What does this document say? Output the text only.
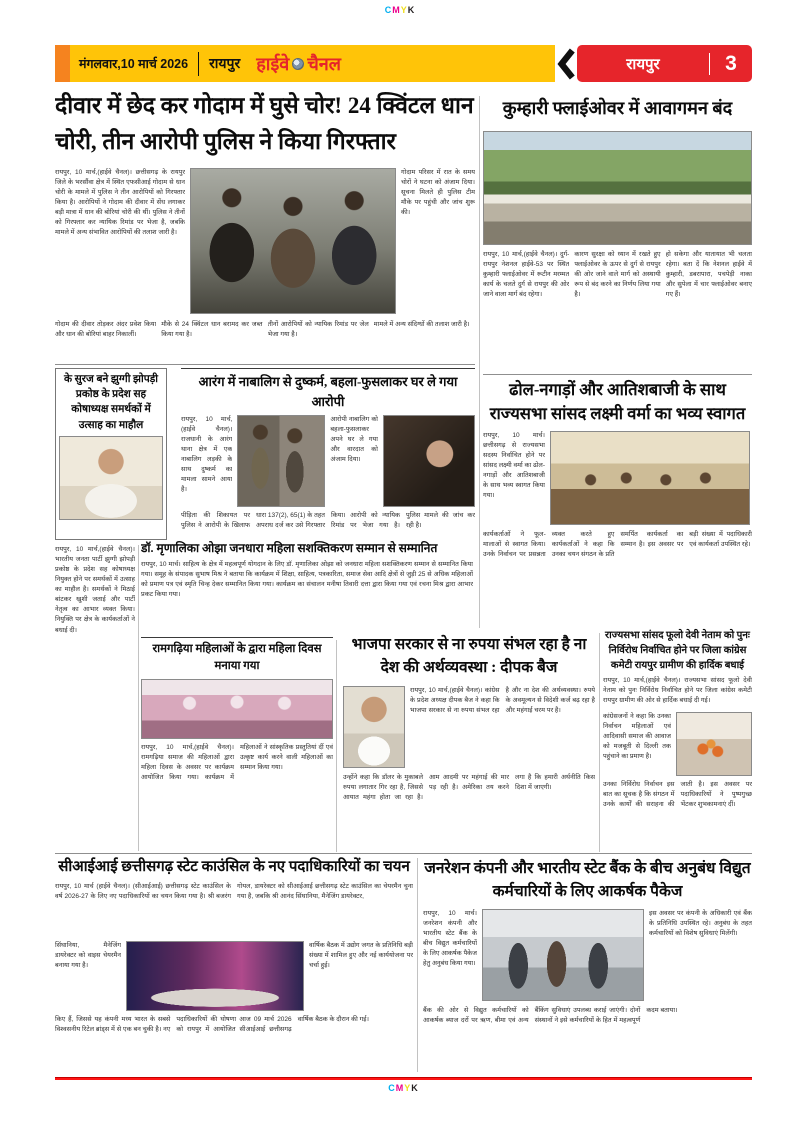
CMYK
मंगलवार,10 मार्च 2026 रायपुर हाईवे चैनल	रायपुर	3
दीवार में छेद कर गोदाम में घुसे चोर! 24 क्विंटल धान चोरी, तीन आरोपी पुलिस ने किया गिरफ्तार
रायपुर, 10 मार्च,(हाईवे चैनल)। छत्तीसगढ़ के रायपुर जिले के भरसौंवा क्षेत्र में स्थित एफसीआई गोदाम से धान चोरी के मामले में पुलिस ने तीन आरोपियों को गिरफ्तार किया है। आरोपियों ने गोदाम की दीवार में सेंध लगाकर बड़ी मात्रा में धान की बोरियां चोरी की थीं। पुलिस ने तीनों को गिरफ्तार कर न्यायिक रिमांड पर भेजा है, जबकि मामले में अन्य संभावित आरोपियों की तलाश जारी है।
गोदाम परिसर में रात के समय चोरों ने घटना को अंजाम दिया। सूचना मिलते ही पुलिस टीम मौके पर पहुंची और जांच शुरू की।
गोदाम की दीवार तोड़कर अंदर प्रवेश किया और धान की बोरियां बाहर निकालीं।
मौके से 24 क्विंटल धान बरामद कर जब्त किया गया है।
तीनों आरोपियों को न्यायिक रिमांड पर जेल भेजा गया है।
मामले में अन्य संदिग्धों की तलाश जारी है।
कुम्हारी फ्लाईओवर में आवागमन बंद
रायपुर, 10 मार्च,(हाईवे चैनल)। दुर्ग-रायपुर नेशनल हाईवे-53 पर स्थित कुम्हारी फ्लाईओवर में रूटीन मरम्मत कार्य के चलते दुर्ग से रायपुर की ओर जाने वाला मार्ग बंद रहेगा।
कारण सुरक्षा को ध्यान में रखते हुए फ्लाईओवर के ऊपर से दुर्ग से रायपुर की ओर जाने वाले मार्ग को अस्थायी रूप से बंद करने का निर्णय लिया गया है।
हो सकेगा और यातायात भी चलता रहेगा। बता दें कि नेशनल हाईवे में कुम्हारी, डबरापारा, पचपेड़ी नाका और सुपेला में चार फ्लाईओवर बनाए गए हैं।
के सुरज बने झुग्गी झोपड़ी प्रकोष्ठ के प्रदेश सह कोषाध्यक्ष समर्थकों में उत्साह का माहौल
रायपुर, 10 मार्च,(हाईवे चैनल)। भारतीय जनता पार्टी झुग्गी झोपड़ी प्रकोष्ठ के प्रदेश सह कोषाध्यक्ष नियुक्त होने पर समर्थकों में उत्साह का माहौल है। समर्थकों ने मिठाई बांटकर खुशी जताई और पार्टी नेतृत्व का आभार व्यक्त किया। नियुक्ति पर क्षेत्र के कार्यकर्ताओं ने बधाई दी।
आरंग में नाबालिग से दुष्कर्म, बहला-फुसलाकर घर ले गया आरोपी
रायपुर, 10 मार्च,(हाईवे चैनल)। राजधानी के आरंग थाना क्षेत्र में एक नाबालिग लड़की के साथ दुष्कर्म का मामला सामने आया है।
आरोपी नाबालिग को बहला-फुसलाकर अपने घर ले गया और वारदात को अंजाम दिया।
पीड़िता की शिकायत पर पुलिस ने आरोपी के खिलाफ धारा 137(2), 65(1) के तहत अपराध दर्ज कर उसे गिरफ्तार किया। आरोपी को न्यायिक रिमांड पर भेजा गया है। पुलिस मामले की जांच कर रही है।
डॉ. मृणालिका ओझा जनधारा महिला सशक्तिकरण सम्मान से सम्मानित
रायपुर, 10 मार्च। साहित्य के क्षेत्र में महत्वपूर्ण योगदान के लिए डॉ. मृणालिका ओझा को जनधारा महिला सशक्तिकरण सम्मान से सम्मानित किया गया। समूह के संपादक सुभाष मिश्र ने बताया कि कार्यक्रम में शिक्षा, साहित्य, पत्रकारिता, समाज सेवा आदि क्षेत्रों से जुड़ी 25 से अधिक महिलाओं को प्रमाण पत्र एवं स्मृति चिन्ह देकर सम्मानित किया गया। कार्यक्रम का संचालन मनीषा तिवारी दत्ता द्वारा किया गया एवं रचना मिश्र द्वारा आभार प्रकट किया गया।
ढोल-नगाड़ों और आतिशबाजी के साथ राज्यसभा सांसद लक्ष्मी वर्मा का भव्य स्वागत
रायपुर, 10 मार्च। छत्तीसगढ़ से राज्यसभा सदस्य निर्वाचित होने पर सांसद लक्ष्मी वर्मा का ढोल-नगाड़ों और आतिशबाजी के साथ भव्य स्वागत किया गया।
कार्यकर्ताओं ने फूल-मालाओं से स्वागत किया। उनके निर्वाचन पर प्रसन्नता व्यक्त करते हुए कार्यकर्ताओं ने कहा कि उनका चयन संगठन के प्रति समर्पित कार्यकर्ता का सम्मान है। इस अवसर पर बड़ी संख्या में पदाधिकारी एवं कार्यकर्ता उपस्थित रहे।
रामगढ़िया महिलाओं के द्वारा महिला दिवस मनाया गया
रायपुर, 10 मार्च,(हाईवे चैनल)। रामगढ़िया समाज की महिलाओं द्वारा महिला दिवस के अवसर पर कार्यक्रम आयोजित किया गया। कार्यक्रम में महिलाओं ने सांस्कृतिक प्रस्तुतियां दीं एवं उत्कृष्ट कार्य करने वाली महिलाओं का सम्मान किया गया।
भाजपा सरकार से ना रुपया संभल रहा है ना देश की अर्थव्यवस्था : दीपक बैज
रायपुर, 10 मार्च,(हाईवे चैनल)। कांग्रेस के प्रदेश अध्यक्ष दीपक बैज ने कहा कि भाजपा सरकार से ना रुपया संभल रहा है और ना देश की अर्थव्यवस्था। रुपये के अवमूल्यन से विदेशी कर्ज बढ़ रहा है और महंगाई चरम पर है।
उन्होंने कहा कि डॉलर के मुकाबले रुपया लगातार गिर रहा है, जिससे आयात महंगा होता जा रहा है। आम आदमी पर महंगाई की मार पड़ रही है। अमेरिका तय करने लगा है कि हमारी अर्थनीति किस दिशा में जाएगी।
राज्यसभा सांसद फूलो देवी नेताम को पुनः निर्विरोध निर्वाचित होने पर जिला कांग्रेस कमेटी रायपुर ग्रामीण की हार्दिक बधाई
रायपुर, 10 मार्च,(हाईवे चैनल)। राज्यसभा सांसद फूलो देवी नेताम को पुनः निर्विरोध निर्वाचित होने पर जिला कांग्रेस कमेटी रायपुर ग्रामीण की ओर से हार्दिक बधाई दी गई।
कांग्रेसजनों ने कहा कि उनका निर्वाचन महिलाओं एवं आदिवासी समाज की आवाज को मजबूती से दिल्ली तक पहुंचाने का प्रमाण है।
उनका निर्विरोध निर्वाचन इस बात का सूचक है कि संगठन में उनके कार्यों की सराहना की जाती है। इस अवसर पर पदाधिकारियों ने पुष्पगुच्छ भेंटकर शुभकामनाएं दीं।
सीआईआई छत्तीसगढ़ स्टेट काउंसिल के नए पदाधिकारियों का चयन
रायपुर, 10 मार्च (हाईवे चैनल)। (सीआईआई) छत्तीसगढ़ स्टेट काउंसिल के वर्ष 2026-27 के लिए नए पदाधिकारियों का चयन किया गया है। श्री बजरंग गोयल, डायरेक्टर को सीआईआई छत्तीसगढ़ स्टेट काउंसिल का चेयरमैन चुना गया है, जबकि श्री आनंद सिंघानिया, मैनेजिंग डायरेक्टर,
सिंघानिया, मैनेजिंग डायरेक्टर को वाइस चेयरमैन बनाया गया है।
वार्षिक बैठक में उद्योग जगत के प्रतिनिधि बड़ी संख्या में शामिल हुए और नई कार्ययोजना पर चर्चा हुई।
किए हैं, जिससे यह कंपनी मध्य भारत के सबसे विश्वसनीय रिटेल ब्रांड्स में से एक बन चुकी है। नए पदाधिकारियों की घोषणा आज 09 मार्च 2026 को रायपुर में आयोजित सीआईआई छत्तीसगढ़ वार्षिक बैठक के दौरान की गई।
जनरेशन कंपनी और भारतीय स्टेट बैंक के बीच अनुबंध विद्युत कर्मचारियों के लिए आकर्षक पैकेज
रायपुर, 10 मार्च। जनरेशन कंपनी और भारतीय स्टेट बैंक के बीच विद्युत कर्मचारियों के लिए आकर्षक पैकेज हेतु अनुबंध किया गया।
इस अवसर पर कंपनी के अधिकारी एवं बैंक के प्रतिनिधि उपस्थित रहे। अनुबंध के तहत कर्मचारियों को विशेष सुविधाएं मिलेंगी।
बैंक की ओर से विद्युत कर्मचारियों को आकर्षक ब्याज दरों पर ऋण, बीमा एवं अन्य बैंकिंग सुविधाएं उपलब्ध कराई जाएंगी। दोनों संस्थानों ने इसे कर्मचारियों के हित में महत्वपूर्ण कदम बताया।
CMYK
